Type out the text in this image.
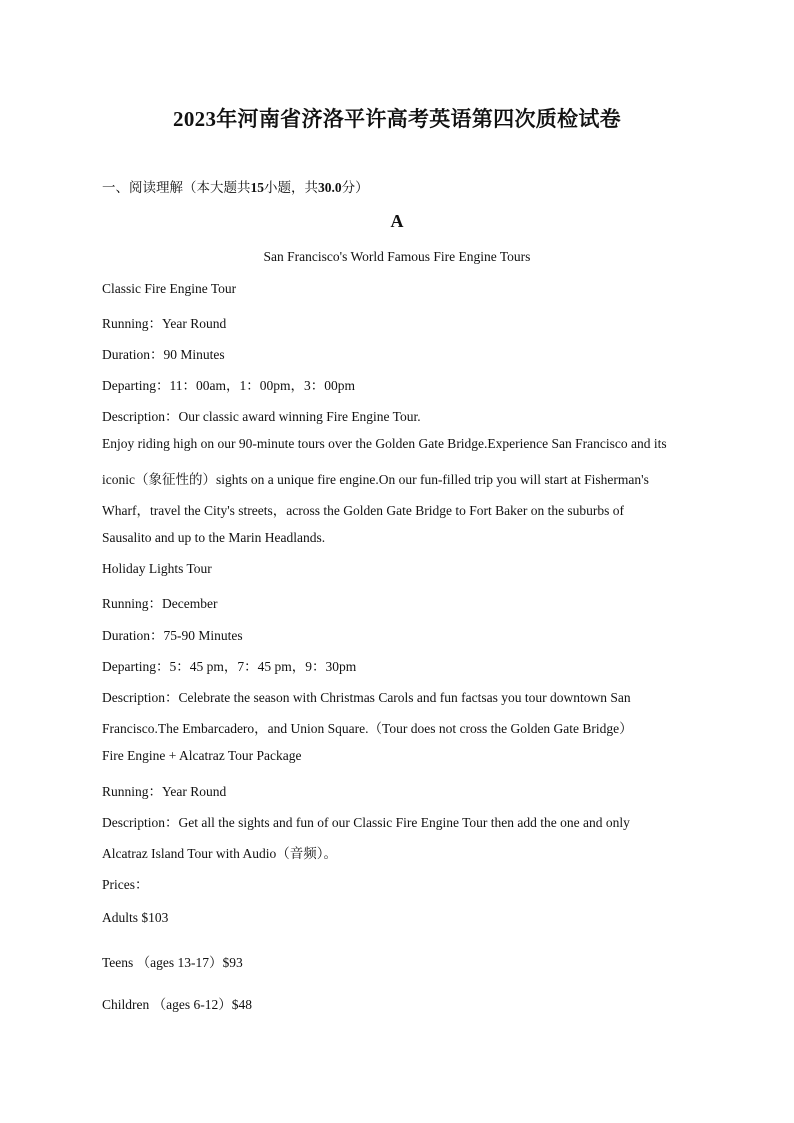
2023年河南省济洛平许高考英语第四次质检试卷
一、阅读理解（本大题共15小题，共30.0分）
A
San Francisco's World Famous Fire Engine Tours
Classic Fire Engine Tour
Running：Year Round
Duration：90 Minutes
Departing：11：00am，1：00pm，3：00pm
Description：Our classic award winning Fire Engine Tour.
Enjoy riding high on our 90-minute tours over the Golden Gate Bridge.Experience San Francisco and its
iconic（象征性的）sights on a unique fire engine.On our fun-filled trip you will start at Fisherman's
Wharf，travel the City's streets，across the Golden Gate Bridge to Fort Baker on the suburbs of
Sausalito and up to the Marin Headlands.
Holiday Lights Tour
Running：December
Duration：75-90 Minutes
Departing：5：45 pm，7：45 pm，9：30pm
Description：Celebrate the season with Christmas Carols and fun factsas you tour downtown San
Francisco.The Embarcadero，and Union Square.（Tour does not cross the Golden Gate Bridge）
Fire Engine + Alcatraz Tour Package
Running：Year Round
Description：Get all the sights and fun of our Classic Fire Engine Tour then add the one and only
Alcatraz Island Tour with Audio（音频）。
Prices：
Adults $103
Teens （ages 13-17）$93
Children （ages 6-12）$48
